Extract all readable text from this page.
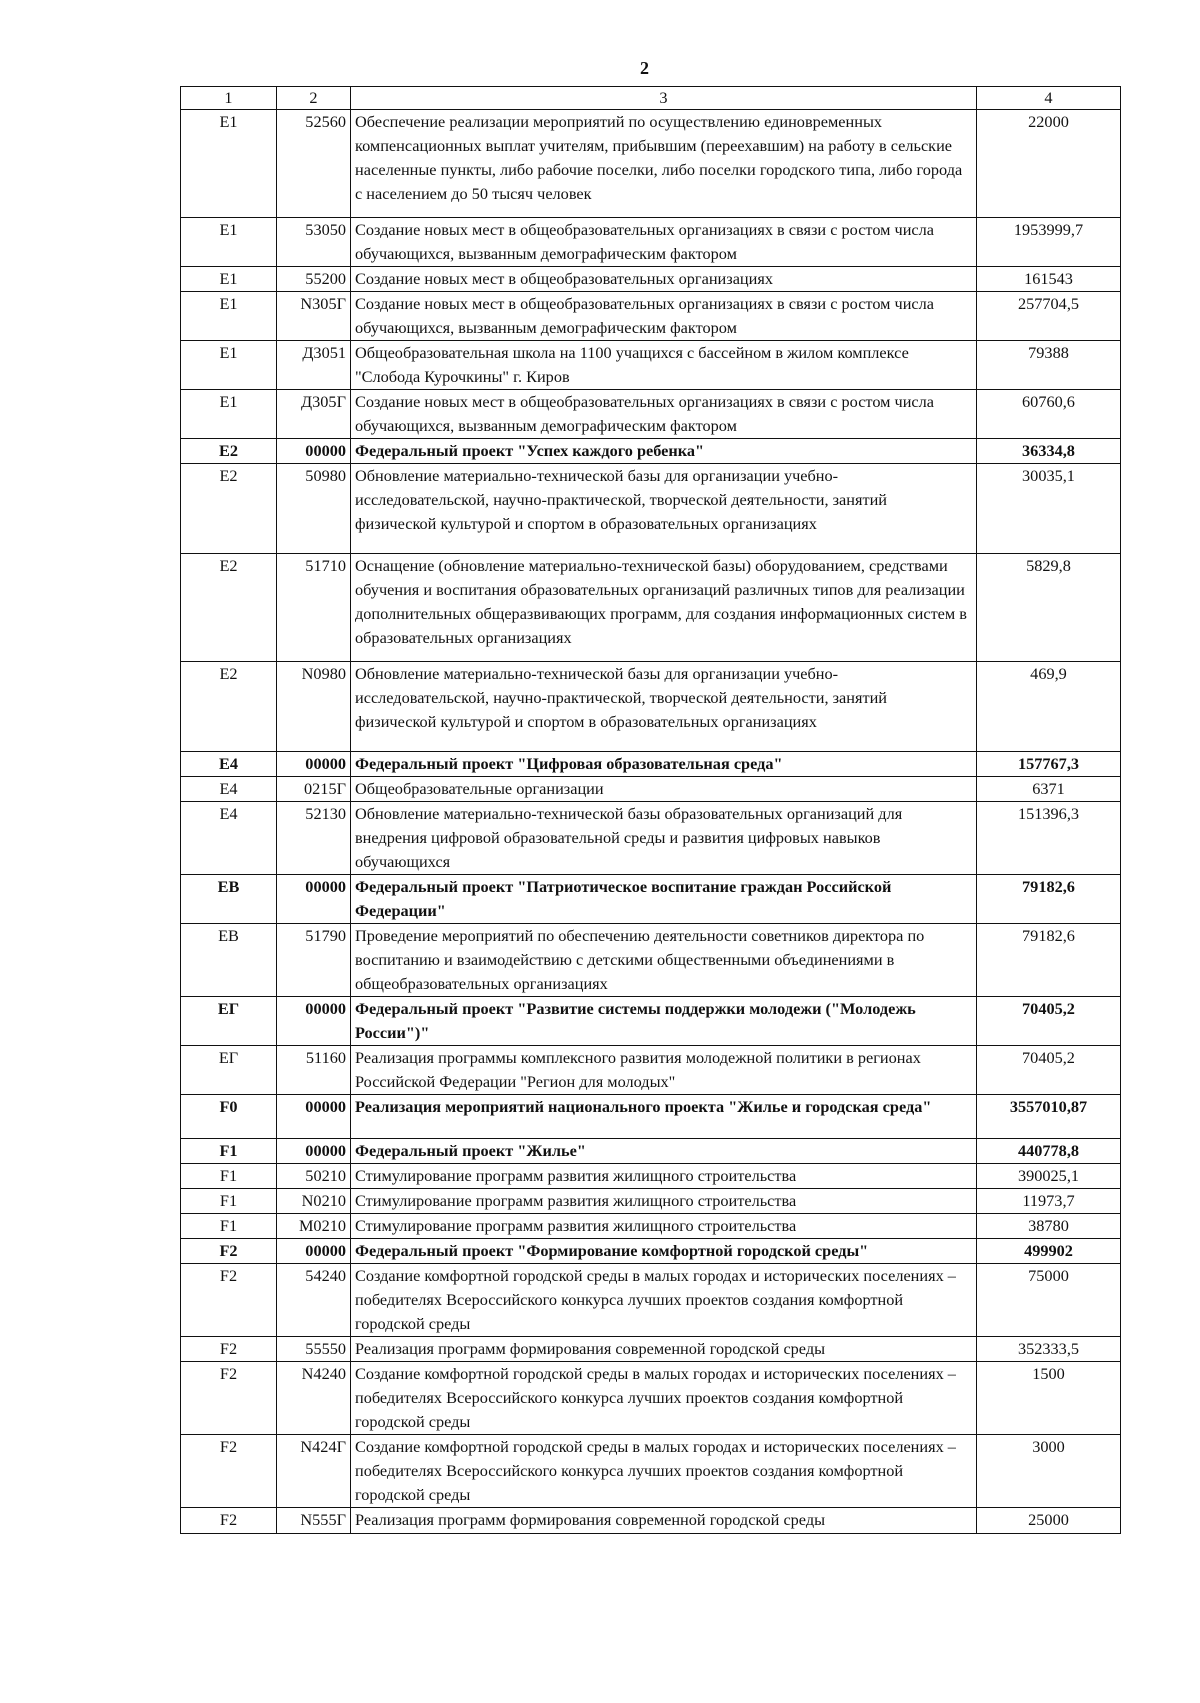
2
1	2	3	4
E1	52560	Обеспечение реализации мероприятий по осуществлению единовременных компенсационных выплат учителям, прибывшим (переехавшим) на работу в сельские населенные пункты, либо рабочие поселки, либо поселки городского типа, либо города с населением до 50 тысяч человек	22000
E1	53050	Создание новых мест в общеобразовательных организациях в связи с ростом числа обучающихся, вызванным демографическим фактором	1953999,7
E1	55200	Создание новых мест в общеобразовательных организациях	161543
E1	N305Г	Создание новых мест в общеобразовательных организациях в связи с ростом числа обучающихся, вызванным демографическим фактором	257704,5
E1	Д3051	Общеобразовательная школа на 1100 учащихся с бассейном в жилом комплексе "Слобода Курочкины" г. Киров	79388
E1	Д305Г	Создание новых мест в общеобразовательных организациях в связи с ростом числа обучающихся, вызванным демографическим фактором	60760,6
E2	00000	Федеральный проект "Успех каждого ребенка"	36334,8
E2	50980	Обновление материально-технической базы для организации учебно-исследовательской, научно-практической, творческой деятельности, занятий физической культурой и спортом в образовательных организациях	30035,1
E2	51710	Оснащение (обновление материально-технической базы) оборудованием, средствами обучения и воспитания образовательных организаций различных типов для реализации дополнительных общеразвивающих программ, для создания информационных систем в образовательных организациях	5829,8
E2	N0980	Обновление материально-технической базы для организации учебно-исследовательской, научно-практической, творческой деятельности, занятий физической культурой и спортом в образовательных организациях	469,9
E4	00000	Федеральный проект "Цифровая образовательная среда"	157767,3
E4	0215Г	Общеобразовательные организации	6371
E4	52130	Обновление материально-технической базы образовательных организаций для внедрения цифровой образовательной среды и развития цифровых навыков обучающихся	151396,3
EB	00000	Федеральный проект "Патриотическое воспитание граждан Российской Федерации"	79182,6
EB	51790	Проведение мероприятий по обеспечению деятельности советников директора по воспитанию и взаимодействию с детскими общественными объединениями в общеобразовательных организациях	79182,6
EГ	00000	Федеральный проект "Развитие системы поддержки молодежи ("Молодежь России")"	70405,2
EГ	51160	Реализация программы комплексного развития молодежной политики в регионах Российской Федерации "Регион для молодых"	70405,2
F0	00000	Реализация мероприятий национального проекта "Жилье и городская среда"	3557010,87
F1	00000	Федеральный проект "Жилье"	440778,8
F1	50210	Стимулирование программ развития жилищного строительства	390025,1
F1	N0210	Стимулирование программ развития жилищного строительства	11973,7
F1	M0210	Стимулирование программ развития жилищного строительства	38780
F2	00000	Федеральный проект "Формирование комфортной городской среды"	499902
F2	54240	Создание комфортной городской среды в малых городах и исторических поселениях – победителях Всероссийского конкурса лучших проектов создания комфортной городской среды	75000
F2	55550	Реализация программ формирования современной городской среды	352333,5
F2	N4240	Создание комфортной городской среды в малых городах и исторических поселениях – победителях Всероссийского конкурса лучших проектов создания комфортной городской среды	1500
F2	N424Г	Создание комфортной городской среды в малых городах и исторических поселениях – победителях Всероссийского конкурса лучших проектов создания комфортной городской среды	3000
F2	N555Г	Реализация программ формирования современной городской среды	25000
